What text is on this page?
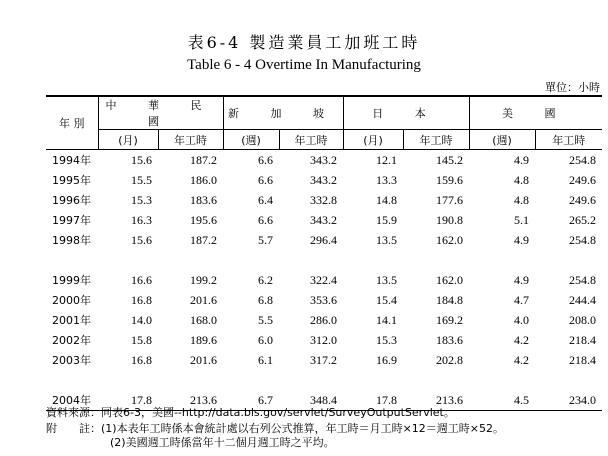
表6-4 製造業員工加班工時
Table 6 - 4 Overtime In Manufacturing
單位：小時
年 別	中 華 民 國		新 加 坡		日 本		美 國	
	(月)	年工時	(週)	年工時	(月)	年工時	(週)	年工時
1994年	15.6	187.2	6.6	343.2	12.1	145.2	4.9	254.8
1995年	15.5	186.0	6.6	343.2	13.3	159.6	4.8	249.6
1996年	15.3	183.6	6.4	332.8	14.8	177.6	4.8	249.6
1997年	16.3	195.6	6.6	343.2	15.9	190.8	5.1	265.2
1998年	15.6	187.2	5.7	296.4	13.5	162.0	4.9	254.8

1999年	16.6	199.2	6.2	322.4	13.5	162.0	4.9	254.8
2000年	16.8	201.6	6.8	353.6	15.4	184.8	4.7	244.4
2001年	14.0	168.0	5.5	286.0	14.1	169.2	4.0	208.0
2002年	15.8	189.6	6.0	312.0	15.3	183.6	4.2	218.4
2003年	16.8	201.6	6.1	317.2	16.9	202.8	4.2	218.4

2004年	17.8	213.6	6.7	348.4	17.8	213.6	4.5	234.0
資料來源：同表6-3，美國--http://data.bls.gov/servlet/SurveyOutputServlet。
附　　註：(1)本表年工時係本會統計處以右列公式推算，年工時＝月工時×12＝週工時×52。
(2)美國週工時係當年十二個月週工時之平均。
